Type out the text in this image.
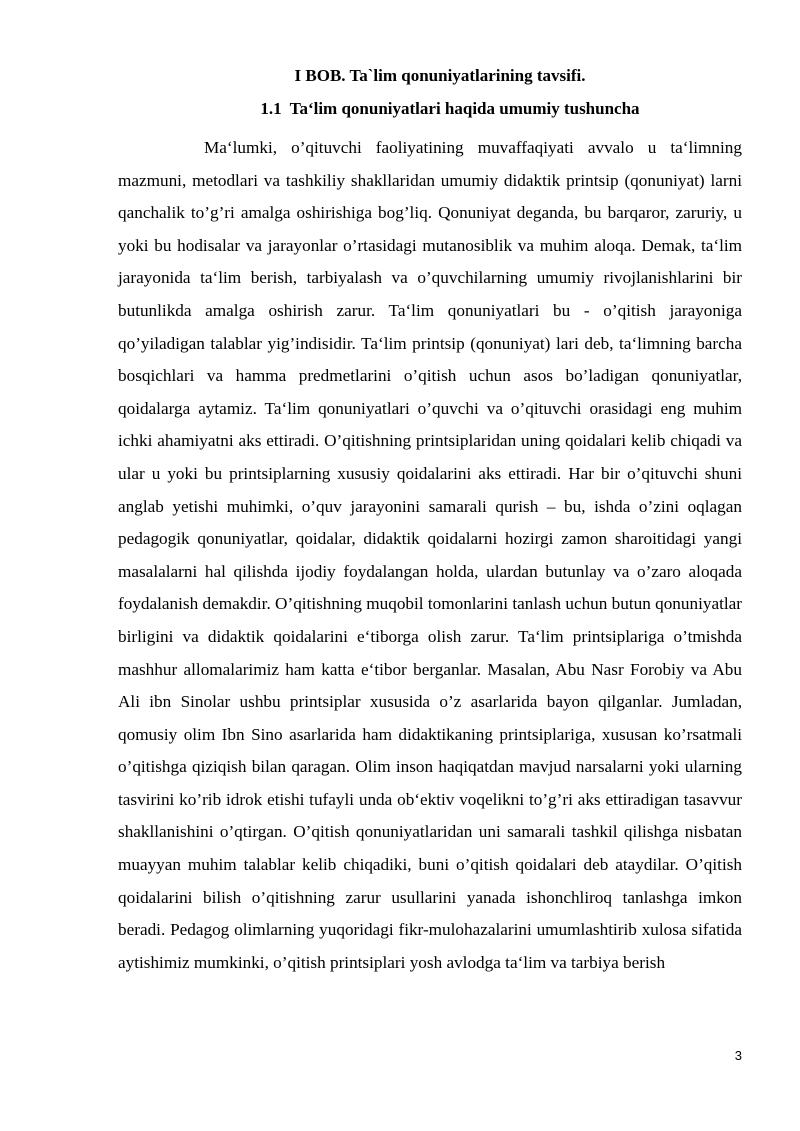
I BOB. Ta`lim qonuniyatlarining tavsifi.
1.1 Ta‘lim qonuniyatlari haqida umumiy tushuncha

Ma‘lumki, o’qituvchi faoliyatining muvaffaqiyati avvalo u ta‘limning mazmuni, metodlari va tashkiliy shakllaridan umumiy didaktik printsip (qonuniyat) larni qanchalik to’g’ri amalga oshirishiga bog’liq. Qonuniyat deganda, bu barqaror, zaruriy, u yoki bu hodisalar va jarayonlar o’rtasidagi mutanosiblik va muhim aloqa. Demak, ta‘lim jarayonida ta‘lim berish, tarbiyalash va o’quvchilarning umumiy rivojlanishlarini bir butunlikda amalga oshirish zarur. Ta‘lim qonuniyatlari bu - o’qitish jarayoniga qo’yiladigan talablar yig’indisidir. Ta‘lim printsip (qonuniyat) lari deb, ta‘limning barcha bosqichlari va hamma predmetlarini o’qitish uchun asos bo’ladigan qonuniyatlar, qoidalarga aytamiz. Ta‘lim qonuniyatlari o’quvchi va o’qituvchi orasidagi eng muhim ichki ahamiyatni aks ettiradi. O’qitishning printsiplaridan uning qoidalari kelib chiqadi va ular u yoki bu printsiplarning xususiy qoidalarini aks ettiradi. Har bir o’qituvchi shuni anglab yetishi muhimki, o’quv jarayonini samarali qurish – bu, ishda o’zini oqlagan pedagogik qonuniyatlar, qoidalar, didaktik qoidalarni hozirgi zamon sharoitidagi yangi masalalarni hal qilishda ijodiy foydalangan holda, ulardan butunlay va o’zaro aloqada foydalanish demakdir. O’qitishning muqobil tomonlarini tanlash uchun butun qonuniyatlar birligini va didaktik qoidalarini e‘tiborga olish zarur. Ta‘lim printsiplariga o’tmishda mashhur allomalarimiz ham katta e‘tibor berganlar. Masalan, Abu Nasr Forobiy va Abu Ali ibn Sinolar ushbu printsiplar xususida o’z asarlarida bayon qilganlar. Jumladan, qomusiy olim Ibn Sino asarlarida ham didaktikaning printsiplariga, xususan ko’rsatmali o’qitishga qiziqish bilan qaragan. Olim inson haqiqatdan mavjud narsalarni yoki ularning tasvirini ko’rib idrok etishi tufayli unda ob‘ektiv voqelikni to’g’ri aks ettiradigan tasavvur shakllanishini o’qtirgan. O’qitish qonuniyatlaridan uni samarali tashkil qilishga nisbatan muayyan muhim talablar kelib chiqadiki, buni o’qitish qoidalari deb ataydilar. O’qitish qoidalarini bilish o’qitishning zarur usullarini yanada ishonchliroq tanlashga imkon beradi. Pedagog olimlarning yuqoridagi fikr-mulohazalarini umumlashtirib xulosa sifatida aytishimiz mumkinki, o’qitish printsiplari yosh avlodga ta‘lim va tarbiya berish

3
